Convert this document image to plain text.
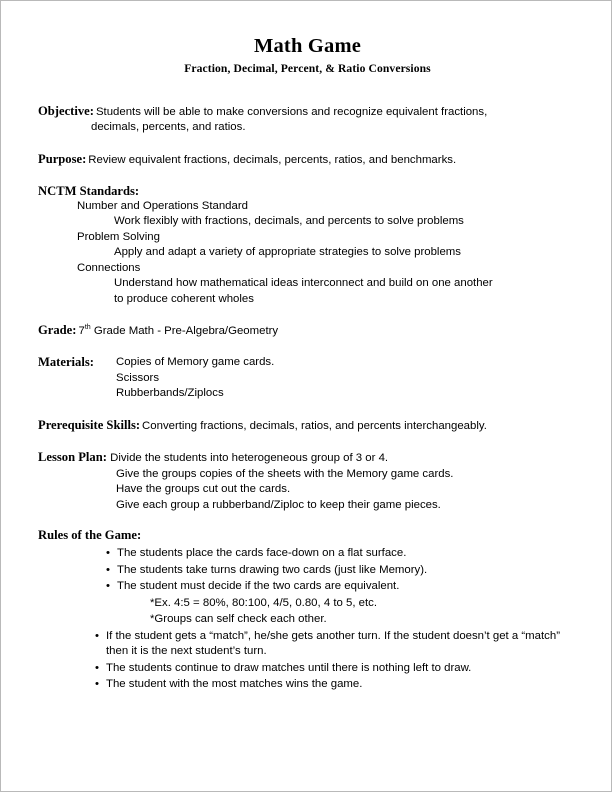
Math Game
Fraction, Decimal, Percent, & Ratio Conversions
Objective: Students will be able to make conversions and recognize equivalent fractions,
decimals, percents, and ratios.
Purpose: Review equivalent fractions, decimals, percents, ratios, and benchmarks.
NCTM Standards:
Number and Operations Standard
Work flexibly with fractions, decimals, and percents to solve problems
Problem Solving
Apply and adapt a variety of appropriate strategies to solve problems
Connections
Understand how mathematical ideas interconnect and build on one another
to produce coherent wholes
Grade: 7th Grade Math - Pre-Algebra/Geometry
Materials:	Copies of Memory game cards.
Scissors
Rubberbands/Ziplocs
Prerequisite Skills: Converting fractions, decimals, ratios, and percents interchangeably.
Lesson Plan: Divide the students into heterogeneous group of 3 or 4.
Give the groups copies of the sheets with the Memory game cards.
Have the groups cut out the cards.
Give each group a rubberband/Ziploc to keep their game pieces.
Rules of the Game:
• The students place the cards face-down on a flat surface.
• The students take turns drawing two cards (just like Memory).
• The student must decide if the two cards are equivalent.
*Ex. 4:5 = 80%, 80:100, 4/5, 0.80, 4 to 5, etc.
*Groups can self check each other.
• If the student gets a “match”, he/she gets another turn. If the student doesn’t get a “match” then it is the next student’s turn.
• The students continue to draw matches until there is nothing left to draw.
• The student with the most matches wins the game.
